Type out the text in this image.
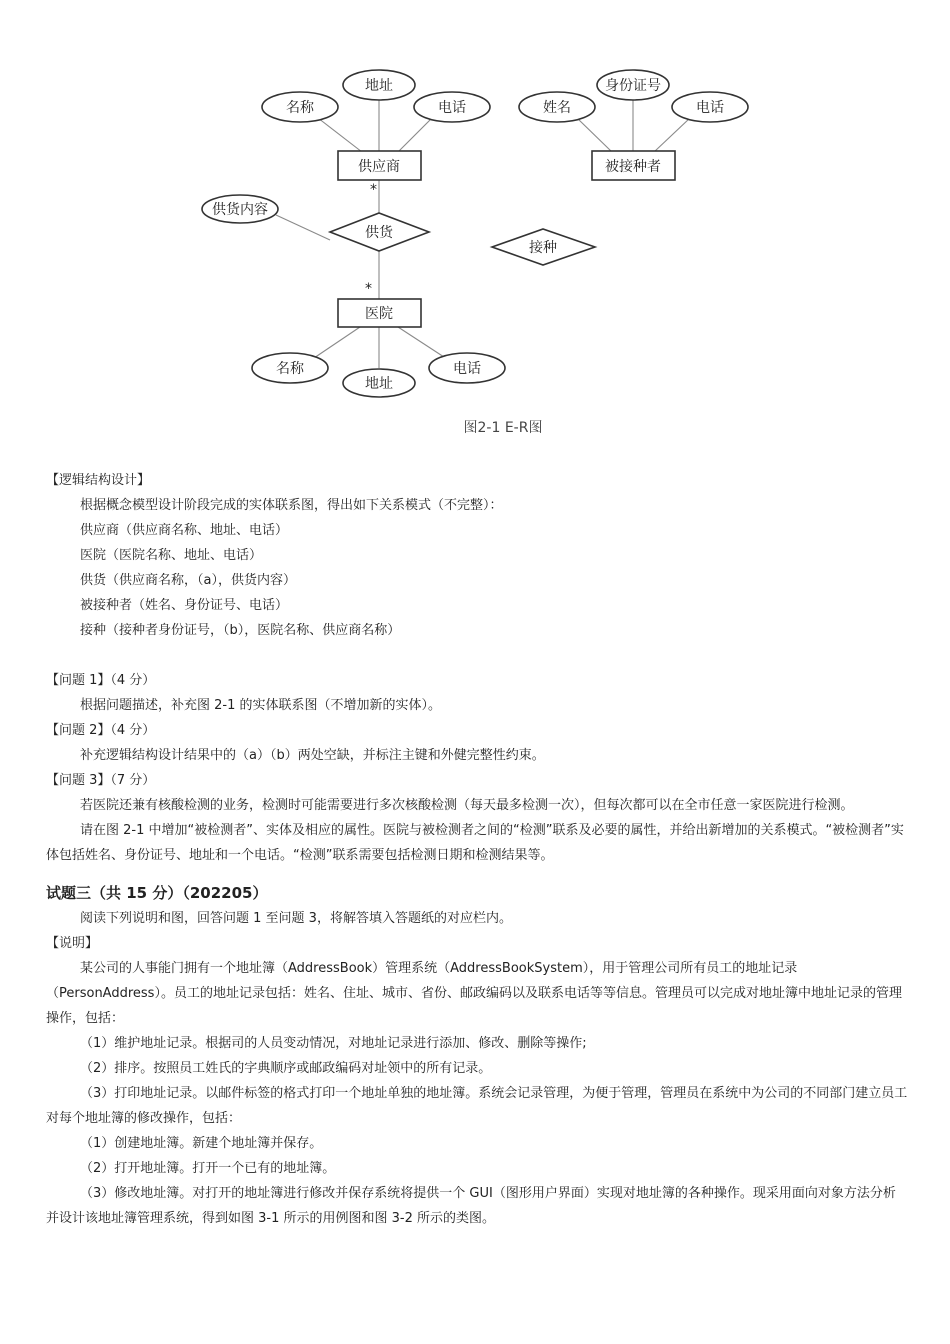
名称
地址
电话
供应商
*
姓名
身份证号
电话
被接种者
供货内容
供货
*
接种
医院
名称
地址
电话
图2-1 E-R图
【逻辑结构设计】
根据概念模型设计阶段完成的实体联系图，得出如下关系模式（不完整）：
供应商（供应商名称、地址、电话）
医院（医院名称、地址、电话）
供货（供应商名称，（a），供货内容）
被接种者（姓名、身份证号、电话）
接种（接种者身份证号，（b），医院名称、供应商名称）
【问题 1】（4 分）
根据问题描述，补充图 2-1 的实体联系图（不增加新的实体）。
【问题 2】（4 分）
补充逻辑结构设计结果中的（a）（b）两处空缺，并标注主键和外健完整性约束。
【问题 3】（7 分）
若医院还兼有核酸检测的业务，检测时可能需要进行多次核酸检测（每天最多检测一次），但每次都可以在全市任意一家医院进行检测。
请在图 2-1 中增加“被检测者”、实体及相应的属性。医院与被检测者之间的“检测”联系及必要的属性，并给出新增加的关系模式。“被检测者”实体包括姓名、身份证号、地址和一个电话。“检测”联系需要包括检测日期和检测结果等。
试题三（共 15 分）（202205）
阅读下列说明和图，回答问题 1 至问题 3，将解答填入答题纸的对应栏内。
【说明】
某公司的人事能门拥有一个地址簿（AddressBook）管理系统（AddressBookSystem），用于管理公司所有员工的地址记录（PersonAddress）。员工的地址记录包括：姓名、住址、城市、省份、邮政编码以及联系电话等等信息。管理员可以完成对地址簿中地址记录的管理操作，包括：
（1）维护地址记录。根据司的人员变动情况，对地址记录进行添加、修改、删除等操作;
（2）排序。按照员工姓氏的字典顺序或邮政编码对址领中的所有记录。
（3）打印地址记录。以邮件标签的格式打印一个地址单独的地址簿。系统会记录管理，为便于管理，管理员在系统中为公司的不同部门建立员工对每个地址簿的修改操作，包括：
（1）创建地址簿。新建个地址簿并保存。
（2）打开地址簿。打开一个已有的地址簿。
（3）修改地址簿。对打开的地址簿进行修改并保存系统将提供一个 GUI（图形用户界面）实现对地址簿的各种操作。现采用面向对象方法分析并设计该地址簿管理系统，得到如图 3-1 所示的用例图和图 3-2 所示的类图。
